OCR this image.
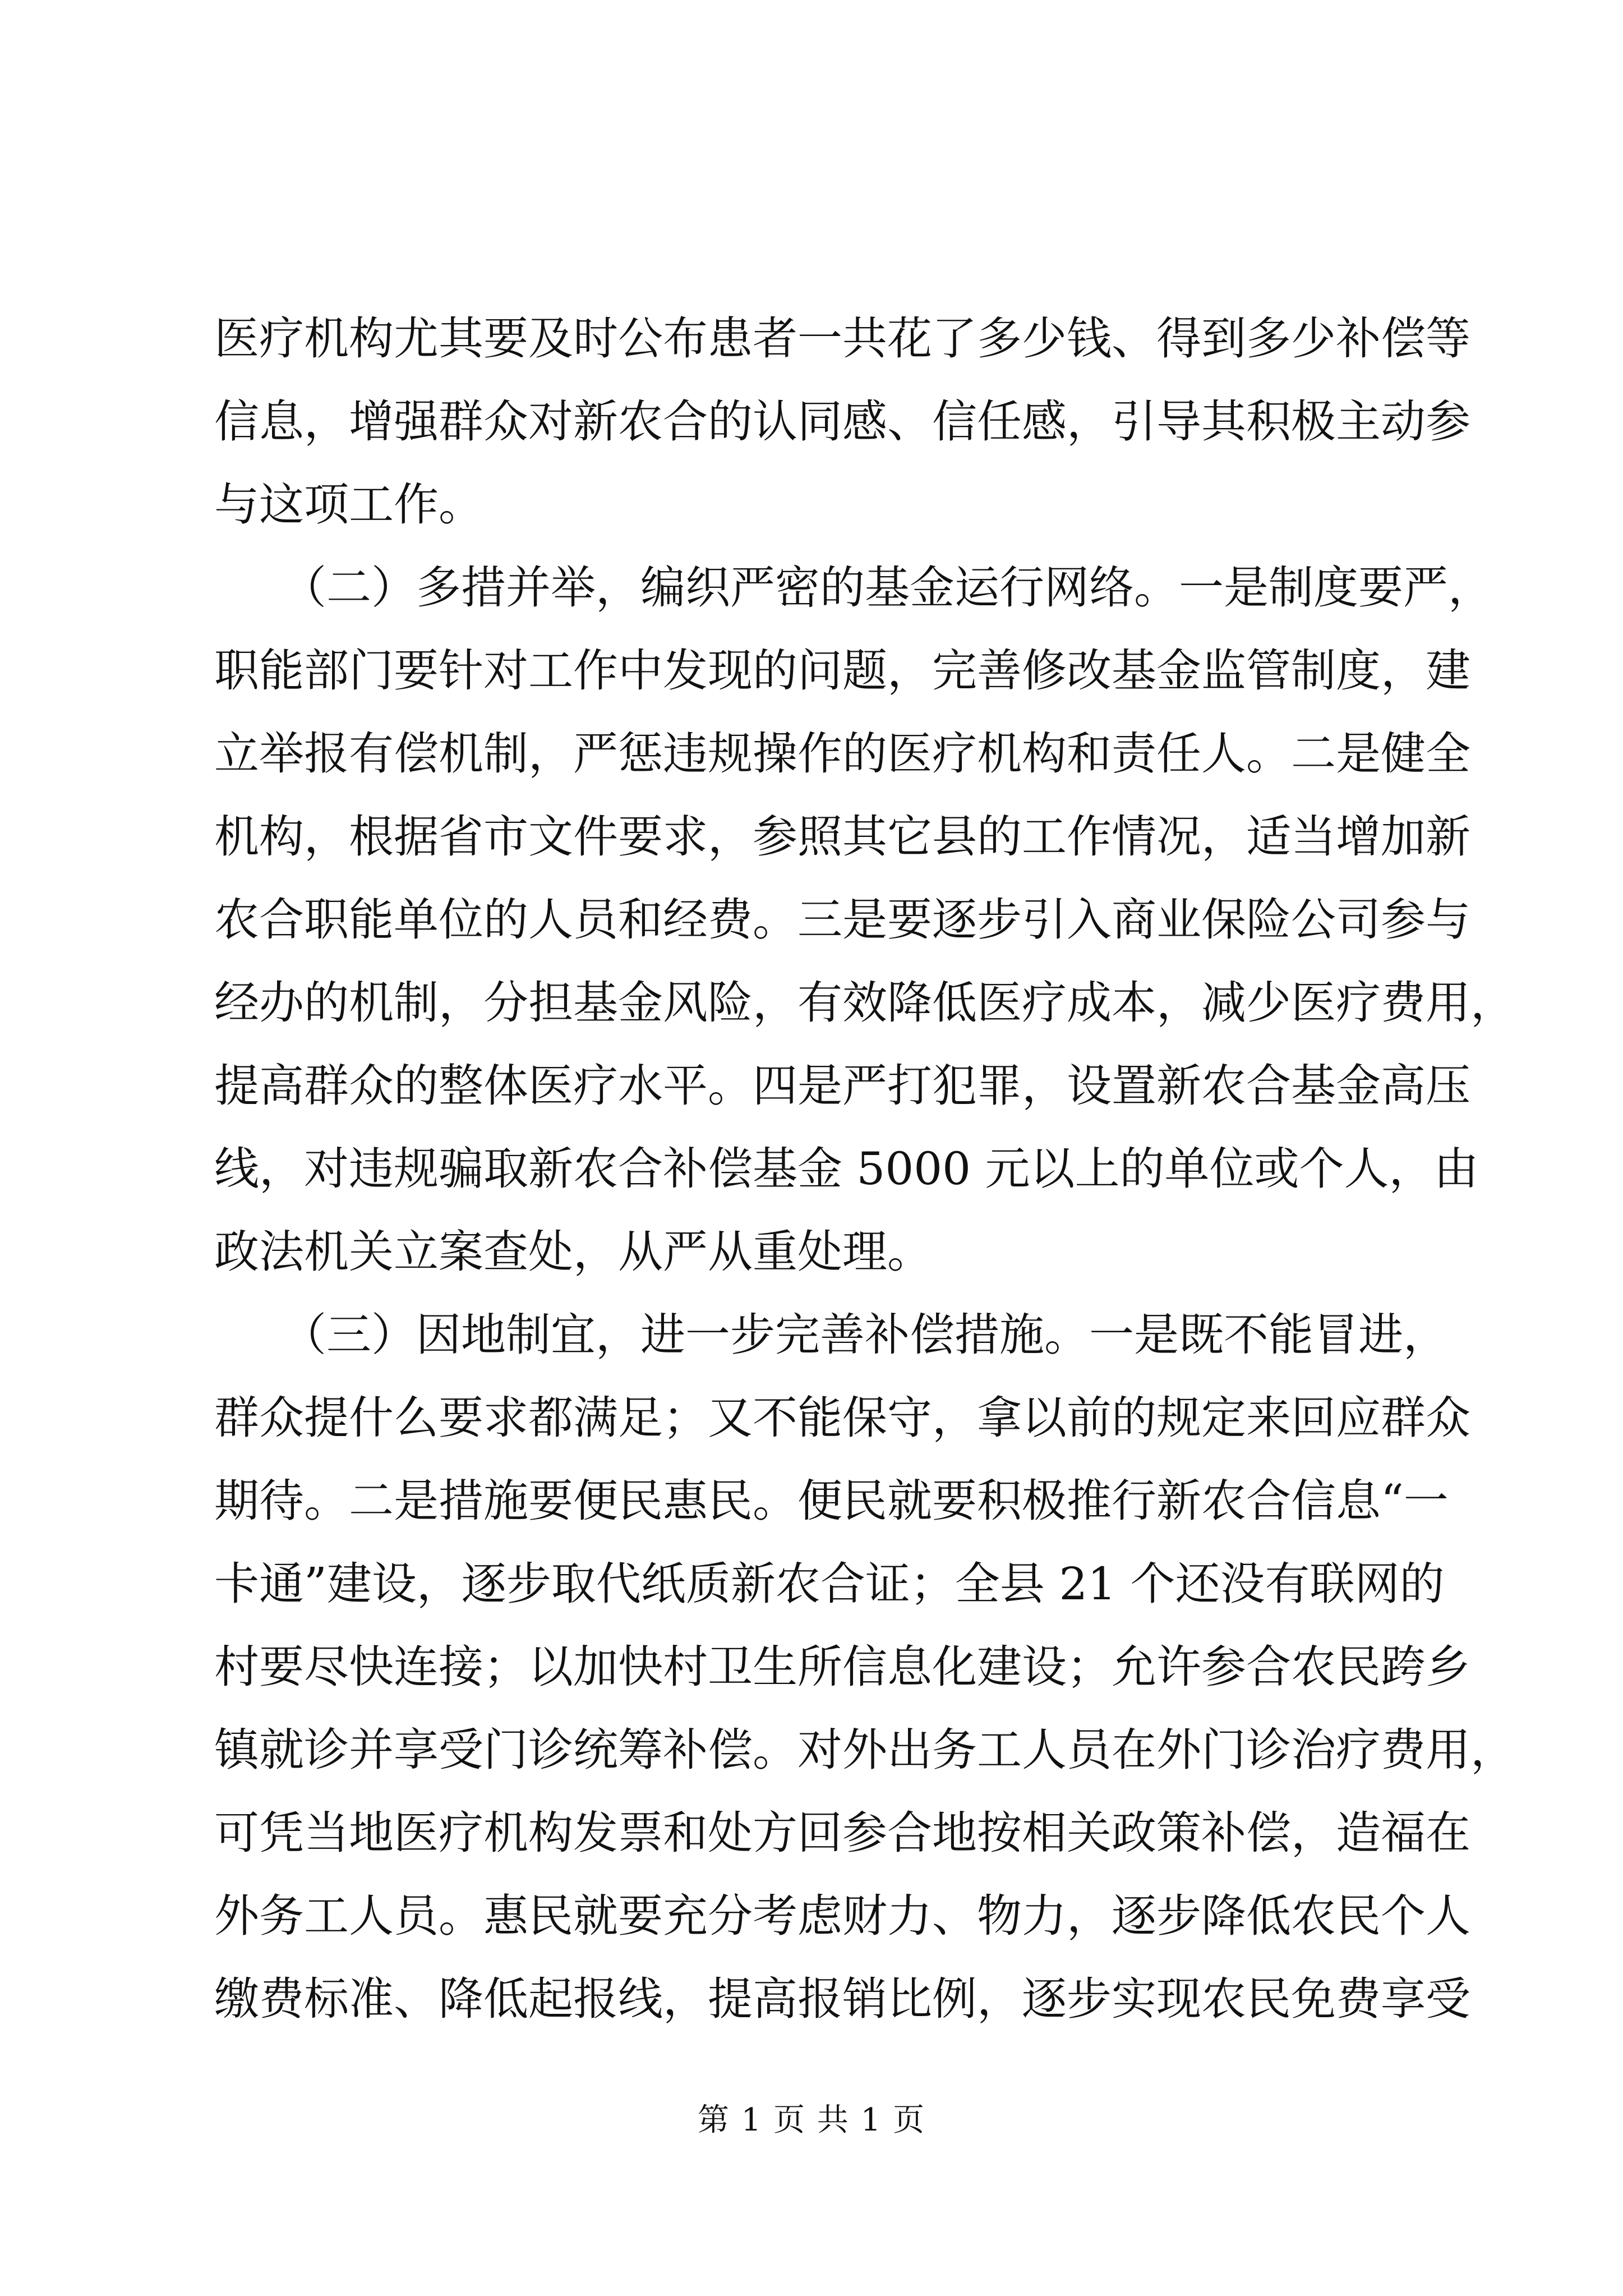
医疗机构尤其要及时公布患者一共花了多少钱、得到多少补偿等
信息，增强群众对新农合的认同感、信任感，引导其积极主动参
与这项工作。
　　（二）多措并举，编织严密的基金运行网络。一是制度要严，
职能部门要针对工作中发现的问题，完善修改基金监管制度，建
立举报有偿机制，严惩违规操作的医疗机构和责任人。二是健全
机构，根据省市文件要求，参照其它县的工作情况，适当增加新
农合职能单位的人员和经费。三是要逐步引入商业保险公司参与
经办的机制，分担基金风险，有效降低医疗成本，减少医疗费用，
提高群众的整体医疗水平。四是严打犯罪，设置新农合基金高压
线，对违规骗取新农合补偿基金 5000 元以上的单位或个人，由
政法机关立案查处，从严从重处理。
　　（三）因地制宜，进一步完善补偿措施。一是既不能冒进，
群众提什么要求都满足；又不能保守，拿以前的规定来回应群众
期待。二是措施要便民惠民。便民就要积极推行新农合信息“一
卡通”建设，逐步取代纸质新农合证；全县 21 个还没有联网的
村要尽快连接；以加快村卫生所信息化建设；允许参合农民跨乡
镇就诊并享受门诊统筹补偿。对外出务工人员在外门诊治疗费用，
可凭当地医疗机构发票和处方回参合地按相关政策补偿，造福在
外务工人员。惠民就要充分考虑财力、物力，逐步降低农民个人
缴费标准、降低起报线，提高报销比例，逐步实现农民免费享受
第 1 页 共 1 页
